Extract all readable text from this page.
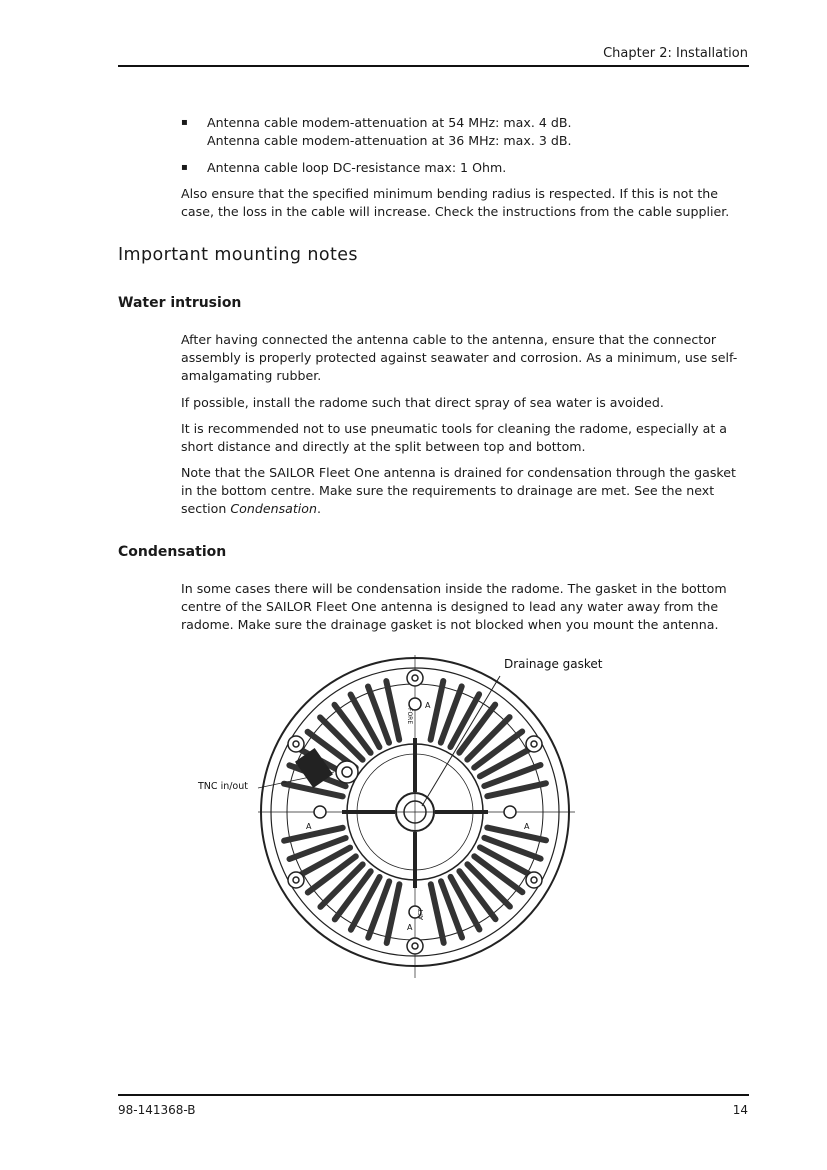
Chapter 2: Installation
▪ Antenna cable modem-attenuation at 54 MHz: max. 4 dB.
Antenna cable modem-attenuation at 36 MHz: max. 3 dB.
▪ Antenna cable loop DC-resistance max: 1 Ohm.
Also ensure that the specified minimum bending radius is respected. If this is not the case, the loss in the cable will increase. Check the instructions from the cable supplier.
Important mounting notes
Water intrusion
After having connected the antenna cable to the antenna, ensure that the connector assembly is properly protected against seawater and corrosion. As a minimum, use self-amalgamating rubber.
If possible, install the radome such that direct spray of sea water is avoided.
It is recommended not to use pneumatic tools for cleaning the radome, especially at a short distance and directly at the split between top and bottom.
Note that the SAILOR Fleet One antenna is drained for condensation through the gasket in the bottom centre. Make sure the requirements to drainage are met. See the next section Condensation.
Condensation
In some cases there will be condensation inside the radome. The gasket in the bottom centre of the SAILOR Fleet One antenna is designed to lead any water away from the radome. Make sure the drainage gasket is not blocked when you mount the antenna.
Drainage gasket
TNC in/out
FORE
AFT
A
A
A	A
98-141368-B	14
